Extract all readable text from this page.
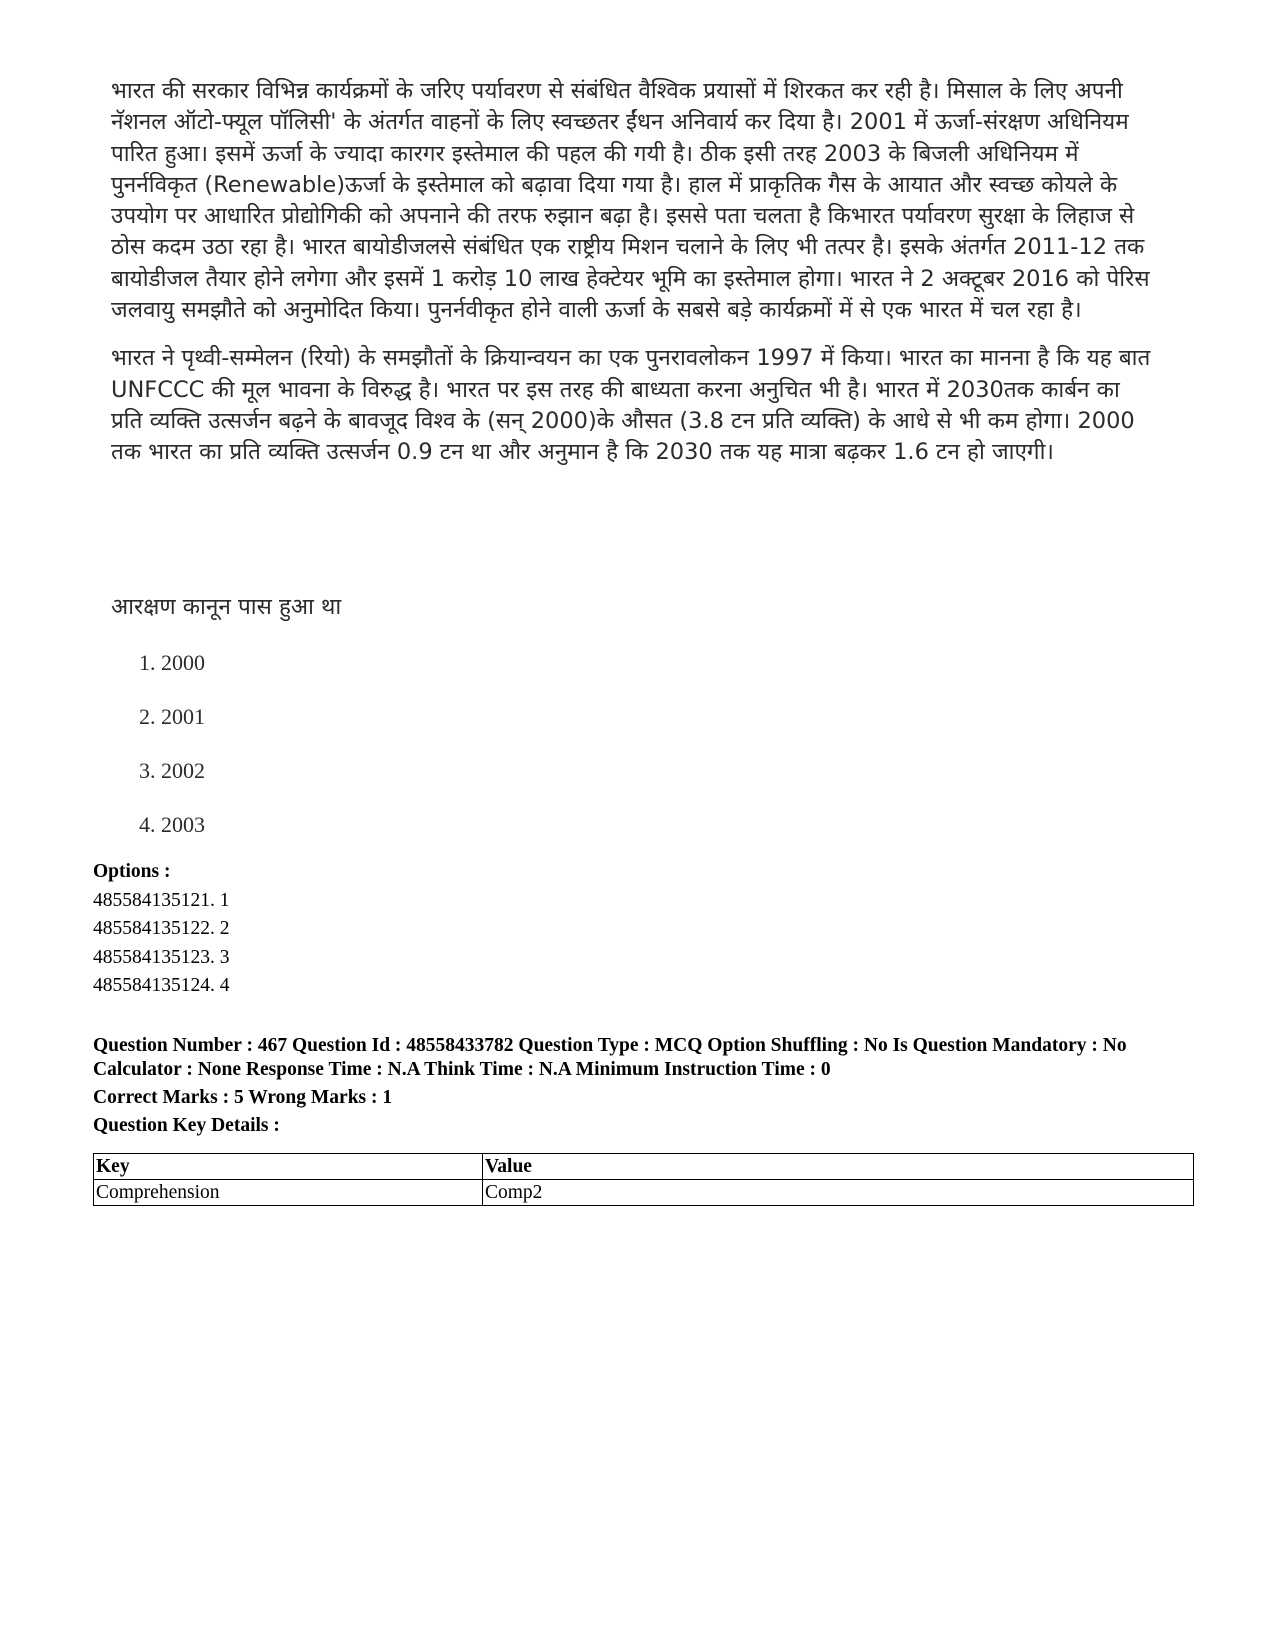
भारत की सरकार विभिन्न कार्यक्रमों के जरिए पर्यावरण से संबंधित वैश्विक प्रयासों में शिरकत कर रही है। मिसाल के लिए अपनी नॅशनल ऑटो-फ्यूल पॉलिसी' के अंतर्गत वाहनों के लिए स्वच्छतर ईंधन अनिवार्य कर दिया है। 2001 में ऊर्जा-संरक्षण अधिनियम पारित हुआ। इसमें ऊर्जा के ज्यादा कारगर इस्तेमाल की पहल की गयी है। ठीक इसी तरह 2003 के बिजली अधिनियम में पुनर्नविकृत (Renewable)ऊर्जा के इस्तेमाल को बढ़ावा दिया गया है। हाल में प्राकृतिक गैस के आयात और स्वच्छ कोयले के उपयोग पर आधारित प्रोद्योगिकी को अपनाने की तरफ रुझान बढ़ा है। इससे पता चलता है किभारत पर्यावरण सुरक्षा के लिहाज से ठोस कदम उठा रहा है। भारत बायोडीजलसे संबंधित एक राष्ट्रीय मिशन चलाने के लिए भी तत्पर है। इसके अंतर्गत 2011-12 तक बायोडीजल तैयार होने लगेगा और इसमें 1 करोड़ 10 लाख हेक्टेयर भूमि का इस्तेमाल होगा। भारत ने 2 अक्टूबर 2016 को पेरिस जलवायु समझौते को अनुमोदित किया। पुनर्नवीकृत होने वाली ऊर्जा के सबसे बड़े कार्यक्रमों में से एक भारत में चल रहा है।

भारत ने पृथ्वी-सम्मेलन (रियो) के समझौतों के क्रियान्वयन का एक पुनरावलोकन 1997 में किया। भारत का मानना है कि यह बात UNFCCC की मूल भावना के विरुद्ध है। भारत पर इस तरह की बाध्यता करना अनुचित भी है। भारत में 2030तक कार्बन का प्रति व्यक्ति उत्सर्जन बढ़ने के बावजूद विश्व के (सन् 2000)के औसत (3.8 टन प्रति व्यक्ति) के आधे से भी कम होगा। 2000 तक भारत का प्रति व्यक्ति उत्सर्जन 0.9 टन था और अनुमान है कि 2030 तक यह मात्रा बढ़कर 1.6 टन हो जाएगी।

आरक्षण कानून पास हुआ था
1. 2000
2. 2001
3. 2002
4. 2003
Options :
485584135121. 1
485584135122. 2
485584135123. 3
485584135124. 4
Question Number : 467 Question Id : 48558433782 Question Type : MCQ Option Shuffling : No Is Question Mandatory : No Calculator : None Response Time : N.A Think Time : N.A Minimum Instruction Time : 0
Correct Marks : 5 Wrong Marks : 1
Question Key Details :
Key	Value
Comprehension	Comp2
